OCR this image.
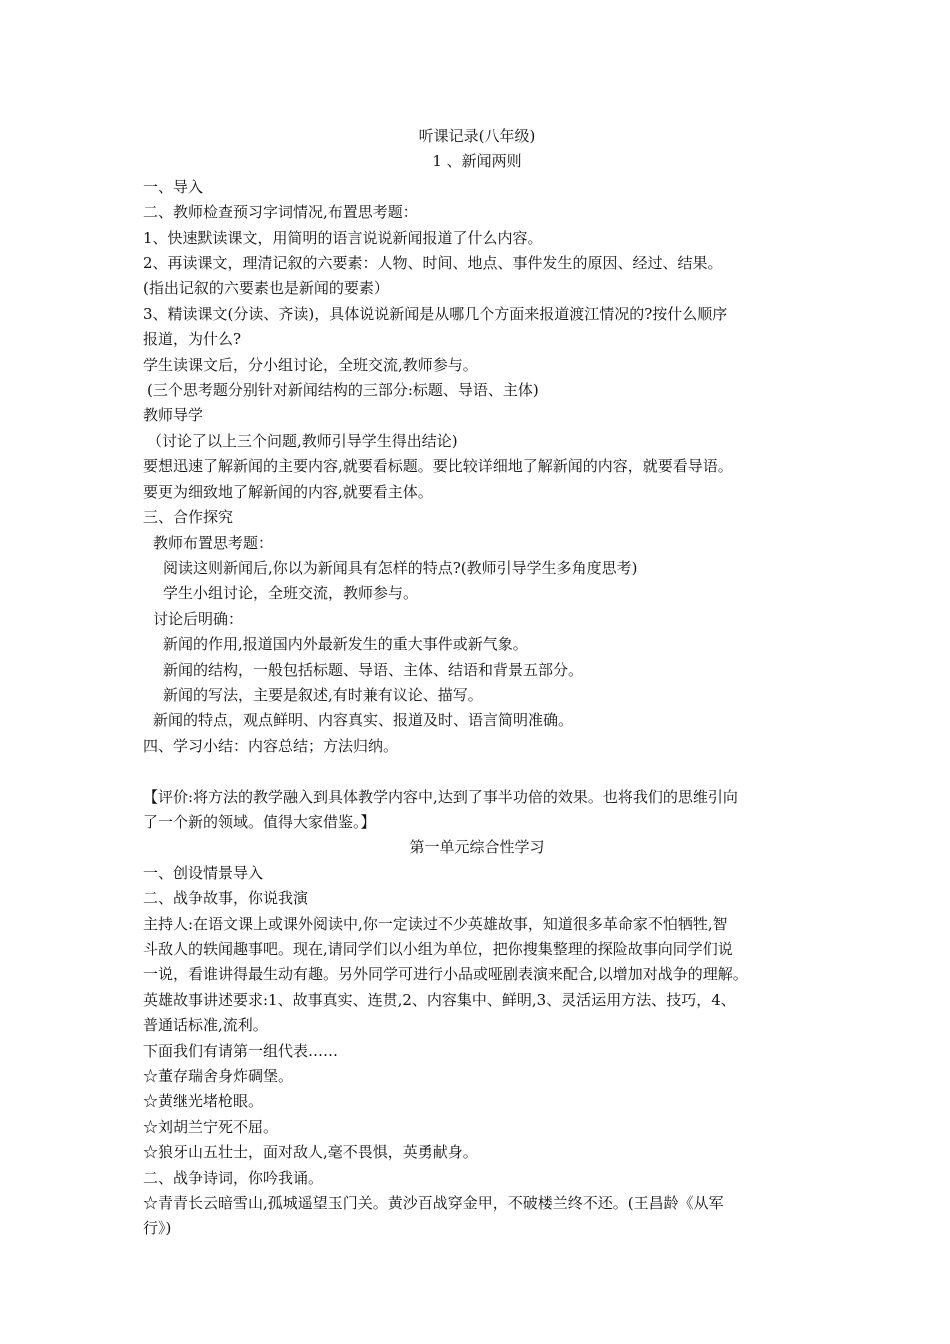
听课记录(八年级)
1 、新闻两则
一、导入
二、教师检查预习字词情况,布置思考题：
1、快速默读课文，用简明的语言说说新闻报道了什么内容。
2、再读课文，理清记叙的六要素：人物、时间、地点、事件发生的原因、经过、结果。
(指出记叙的六要素也是新闻的要素）
3、精读课文(分读、齐读)，具体说说新闻是从哪几个方面来报道渡江情况的?按什么顺序
报道，为什么?
学生读课文后，分小组讨论，全班交流,教师参与。
(三个思考题分别针对新闻结构的三部分:标题、导语、主体)
教师导学
（讨论了以上三个问题,教师引导学生得出结论)
要想迅速了解新闻的主要内容,就要看标题。要比较详细地了解新闻的内容，就要看导语。
要更为细致地了解新闻的内容,就要看主体。
三、合作探究
教师布置思考题：
阅读这则新闻后,你以为新闻具有怎样的特点?(教师引导学生多角度思考)
学生小组讨论，全班交流，教师参与。
讨论后明确：
新闻的作用,报道国内外最新发生的重大事件或新气象。
新闻的结构，一般包括标题、导语、主体、结语和背景五部分。
新闻的写法，主要是叙述,有时兼有议论、描写。
新闻的特点，观点鲜明、内容真实、报道及时、语言简明准确。
四、学习小结：内容总结；方法归纳。
【评价:将方法的教学融入到具体教学内容中,达到了事半功倍的效果。也将我们的思维引向
了一个新的领域。值得大家借鉴。】
第一单元综合性学习
一、创设情景导入
二、战争故事，你说我演
主持人:在语文课上或课外阅读中,你一定读过不少英雄故事，知道很多革命家不怕牺牲,智
斗敌人的轶闻趣事吧。现在,请同学们以小组为单位，把你搜集整理的探险故事向同学们说
一说，看谁讲得最生动有趣。另外同学可进行小品或哑剧表演来配合,以增加对战争的理解。
英雄故事讲述要求:1、故事真实、连贯,2、内容集中、鲜明,3、灵活运用方法、技巧，4、
普通话标准,流利。
下面我们有请第一组代表……
☆董存瑞舍身炸碉堡。
☆黄继光堵枪眼。
☆刘胡兰宁死不屈。
☆狼牙山五壮士，面对敌人,毫不畏惧，英勇献身。
二、战争诗词，你吟我诵。
☆青青长云暗雪山,孤城遥望玉门关。黄沙百战穿金甲，不破楼兰终不还。(王昌龄《从军
行》)
